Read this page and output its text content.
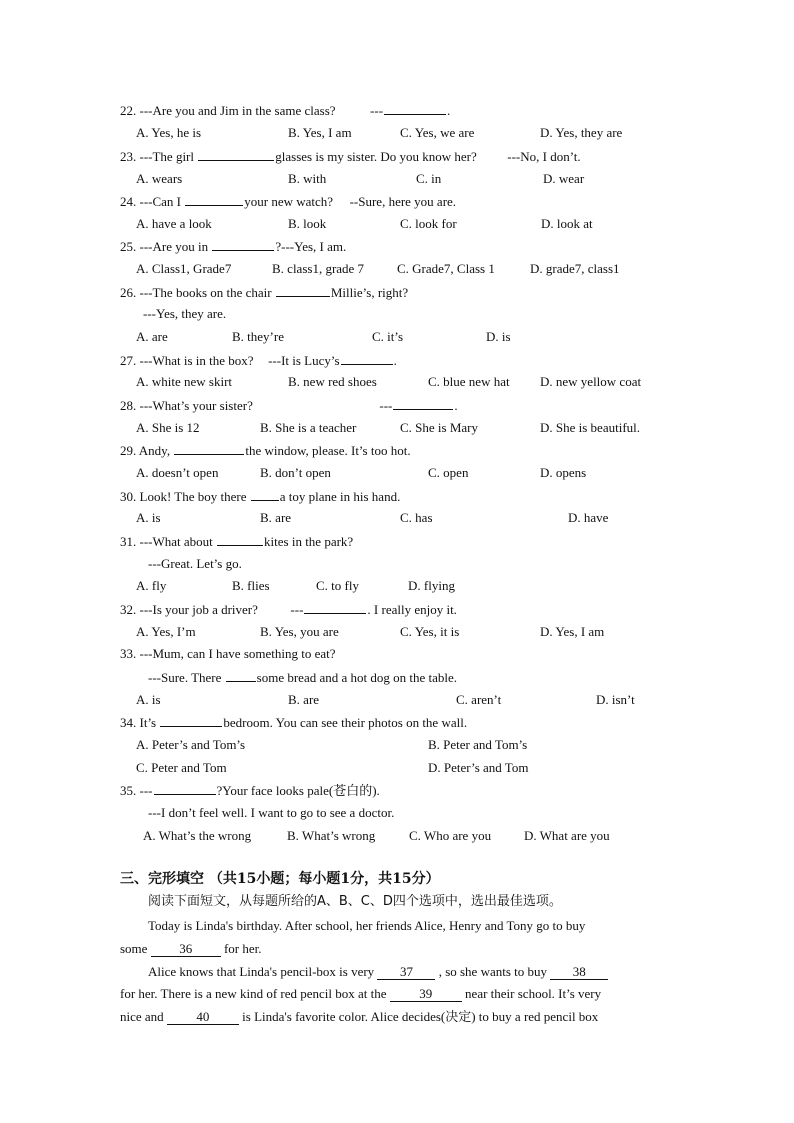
22. ---Are you and Jim in the same class?	---	.
A. Yes, he is	B. Yes, I am	C. Yes, we are	D. Yes, they are
23. ---The girl	glasses is my sister. Do you know her? ---No, I don’t.
A. wears	B. with	C. in	D. wear
24. ---Can I	your new watch? --Sure, here you are.
A. have a look	B. look	C. look for	D. look at
25. ---Are you in	?---Yes, I am.
A. Class1, Grade7	B. class1, grade 7	C. Grade7, Class 1	D. grade7, class1
26. ---The books on the chair	Millie’s, right?
---Yes, they are.
A. are	B. they’re	C. it’s	D. is
27. ---What is in the box? ---It is Lucy’s	.
A. white new skirt	B. new red shoes	C. blue new hat D. new yellow coat
28. ---What’s your sister?	---	.
A. She is 12	B. She is a teacher	C. She is Mary	D. She is beautiful.
29. Andy,	the window, please. It’s too hot.
A. doesn’t open	B. don’t open	C. open	D. opens
30. Look! The boy there a toy plane in his hand.
A. is	B. are	C. has	D. have
31. ---What about	kites in the park?
---Great. Let’s go.
A. fly	B. flies	C. to fly	D. flying
32. ---Is your job a driver?	---	. I really enjoy it.
A. Yes, I’m	B. Yes, you are	C. Yes, it is	D. Yes, I am
33. ---Mum, can I have something to eat?
---Sure. There some bread and a hot dog on the table.
A. is	B. are	C. aren’t	D. isn’t
34. It’s	bedroom. You can see their photos on the wall.
A. Peter’s and Tom’s	B. Peter and Tom’s
C. Peter and Tom	D. Peter’s and Tom
35. ---	?Your face looks pale(苍白的).
---I don’t feel well. I want to go to see a doctor.
A. What’s the wrong	B. What’s wrong	C. Who are you	D. What are you
三、完形填空 （共15小题；每小题1分，共15分）
阅读下面短文，从每题所给的A、B、C、D四个选项中，选出最佳选项。
Today is Linda's birthday. After school, her friends Alice, Henry and Tony go to buy
some 36 for her.
Alice knows that Linda's pencil-box is very 37 , so she wants to buy 38
for her. There is a new kind of red pencil box at the	39	near their school. It’s very
nice and	40	is Linda's favorite color. Alice decides(决定) to buy a red pencil box
